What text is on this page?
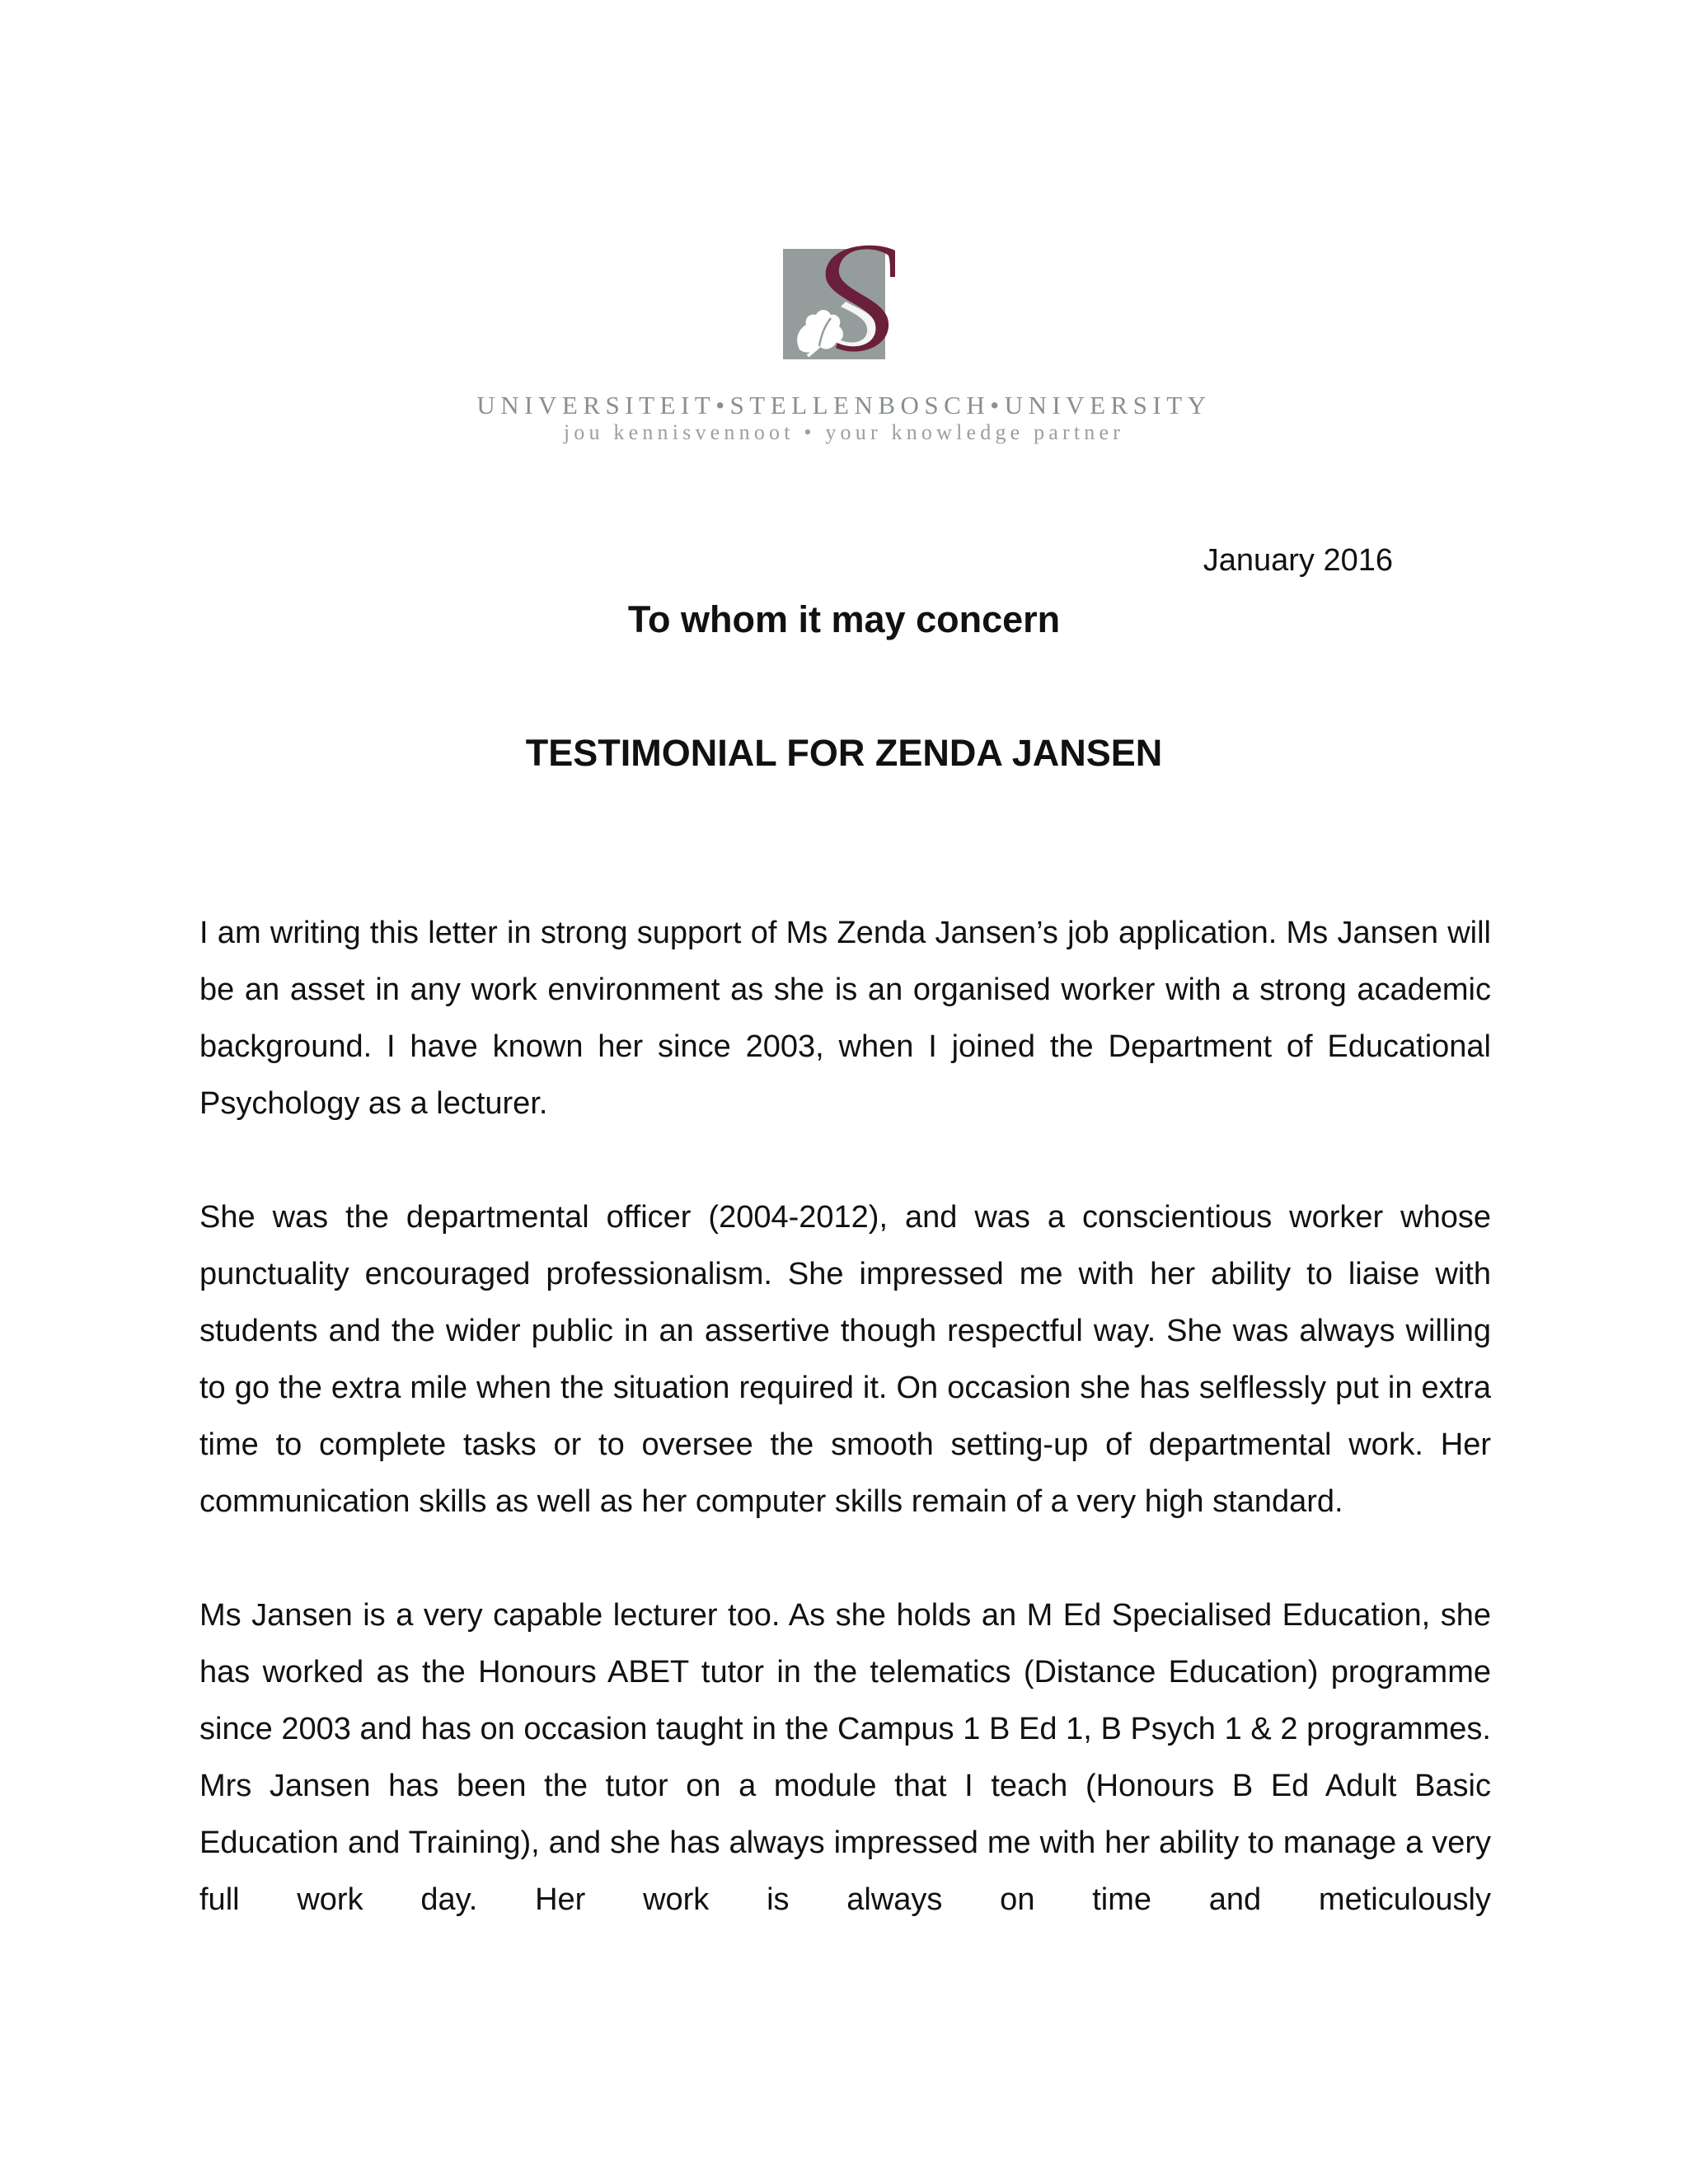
UNIVERSITEIT•STELLENBOSCH•UNIVERSITY
jou kennisvennoot • your knowledge partner
January 2016
To whom it may concern
TESTIMONIAL FOR ZENDA JANSEN

I am writing this letter in strong support of Ms Zenda Jansen’s job application. Ms Jansen will be an asset in any work environment as she is an organised worker with a strong academic background. I have known her since 2003, when I joined the Department of Educational Psychology as a lecturer.

She was the departmental officer (2004-2012), and was a conscientious worker whose punctuality encouraged professionalism. She impressed me with her ability to liaise with students and the wider public in an assertive though respectful way. She was always willing to go the extra mile when the situation required it. On occasion she has selflessly put in extra time to complete tasks or to oversee the smooth setting-up of departmental work. Her communication skills as well as her computer skills remain of a very high standard.

Ms Jansen is a very capable lecturer too. As she holds an M Ed Specialised Education, she has worked as the Honours ABET tutor in the telematics (Distance Education) programme since 2003 and has on occasion taught in the Campus 1 B Ed 1, B Psych 1 & 2 programmes. Mrs Jansen has been the tutor on a module that I teach (Honours B Ed Adult Basic Education and Training), and she has always impressed me with her ability to manage a very full work day. Her work is always on time and meticulously
